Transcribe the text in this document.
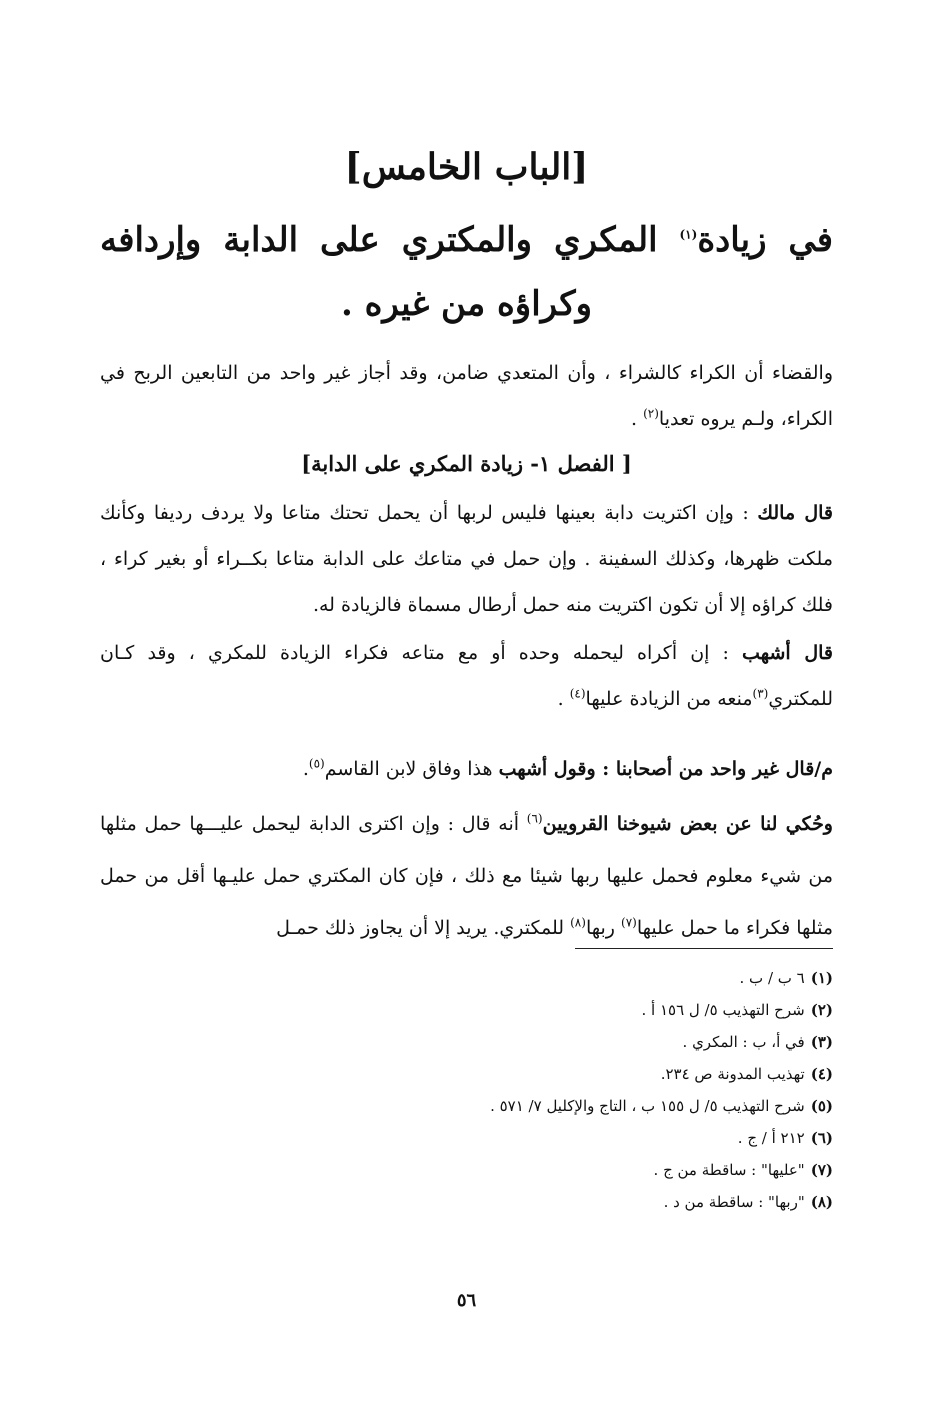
[الباب الخامس]
في زيادة$^{(١)}$ المكري والمكتري على الدابة وإردافه وكراؤه من غيره .
والقضاء أن الكراء كالشراء ، وأن المتعدي ضامن، وقد أجاز غير واحد من التابعين الربح في الكراء، ولـم يروه تعديا$^{(٢)}$ .
[ الفصل ١- زيادة المكري على الدابة]
قال مالك : وإن اكتريت دابة بعينها فليس لربها أن يحمل تحتك متاعا ولا يردف رديفا وكأنك ملكت ظهرها، وكذلك السفينة . وإن حمل في متاعك على الدابة متاعا بكــراء أو بغير كراء ، فلك كراؤه إلا أن تكون اكتريت منه حمل أرطال مسماة فالزيادة له.
قال أشهب : إن أكراه ليحمله وحده أو مع متاعه فكراء الزيادة للمكري ، وقد كـان للمكتري$^{(٣)}$منعه من الزيادة عليها$^{(٤)}$ .
م/قال غير واحد من أصحابنا : وقول أشهب هذا وفاق لابن القاسم$^{(٥)}$.
وحُكي لنا عن بعض شيوخنا القرويين$^{(٦)}$ أنه قال : وإن اكترى الدابة ليحمل عليـــها حمل مثلها من شيء معلوم فحمل عليها ربها شيئا مع ذلك ، فإن كان المكتري حمل عليـها أقل من حمل مثلها فكراء ما حمل عليها$^{(٧)}$ ربها$^{(٨)}$ للمكتري. يريد إلا أن يجاوز ذلك حمـل
(١)٦ ب / ب .
(٢)شرح التهذيب ٥/ ل ١٥٦ أ .
(٣)في أ، ب : المكري .
(٤)تهذيب المدونة ص ٢٣٤.
(٥)شرح التهذيب ٥/ ل ١٥٥ ب ، التاج والإكليل ٧/ ٥٧١ .
(٦)٢١٢ أ / ج .
(٧)"عليها" : ساقطة من ج .
(٨)"ربها" : ساقطة من د .
٥٦
